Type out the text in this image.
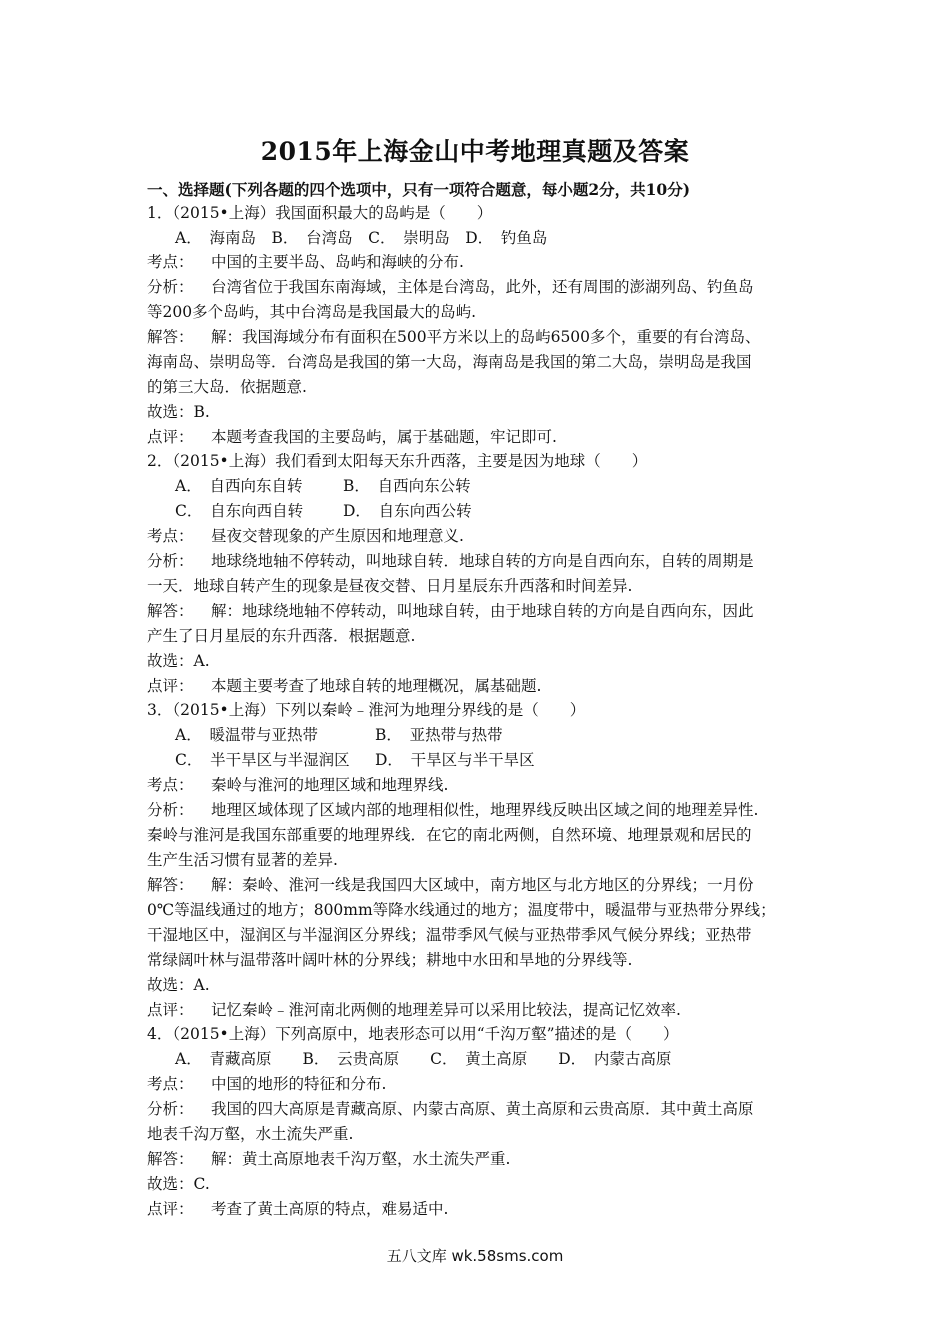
2015年上海金山中考地理真题及答案
一、选择题(下列各题的四个选项中，只有一项符合题意，每小题2分，共10分)
1．（2015•上海）我国面积最大的岛屿是（　　）
A．　海南岛　B．　台湾岛　C．　崇明岛　D．　钓鱼岛
考点： 中国的主要半岛、岛屿和海峡的分布.
分析： 台湾省位于我国东南海域，主体是台湾岛，此外，还有周围的澎湖列岛、钓鱼岛
等200多个岛屿，其中台湾岛是我国最大的岛屿.
解答： 解：我国海域分布有面积在500平方米以上的岛屿6500多个，重要的有台湾岛、
海南岛、崇明岛等．台湾岛是我国的第一大岛，海南岛是我国的第二大岛，崇明岛是我国
的第三大岛．依据题意.
故选：B.
点评： 本题考查我国的主要岛屿，属于基础题，牢记即可.
2．（2015•上海）我们看到太阳每天东升西落，主要是因为地球（　　）
A．　自西向东自转	B．　自西向东公转
C．　自东向西自转	D．　自东向西公转
考点： 昼夜交替现象的产生原因和地理意义.
分析： 地球绕地轴不停转动，叫地球自转．地球自转的方向是自西向东，自转的周期是
一天．地球自转产生的现象是昼夜交替、日月星辰东升西落和时间差异.
解答： 解：地球绕地轴不停转动，叫地球自转，由于地球自转的方向是自西向东，因此
产生了日月星辰的东升西落．根据题意.
故选：A.
点评： 本题主要考查了地球自转的地理概况，属基础题.
3．（2015•上海）下列以秦岭﹣淮河为地理分界线的是（　　）
A．　暖温带与亚热带	B．　亚热带与热带
C．　半干旱区与半湿润区 D．　干旱区与半干旱区
考点： 秦岭与淮河的地理区域和地理界线.
分析： 地理区域体现了区域内部的地理相似性，地理界线反映出区域之间的地理差异性.
秦岭与淮河是我国东部重要的地理界线．在它的南北两侧，自然环境、地理景观和居民的
生产生活习惯有显著的差异.
解答： 解：秦岭、淮河一线是我国四大区域中，南方地区与北方地区的分界线；一月份
0℃等温线通过的地方；800mm等降水线通过的地方；温度带中，暖温带与亚热带分界线；
干湿地区中，湿润区与半湿润区分界线；温带季风气候与亚热带季风气候分界线；亚热带
常绿阔叶林与温带落叶阔叶林的分界线；耕地中水田和旱地的分界线等.
故选：A.
点评： 记忆秦岭﹣淮河南北两侧的地理差异可以采用比较法，提高记忆效率.
4．（2015•上海）下列高原中，地表形态可以用“千沟万壑”描述的是（　　）
A．　青藏高原　　B．　云贵高原　　C．　黄土高原　　D．　内蒙古高原
考点： 中国的地形的特征和分布.
分析： 我国的四大高原是青藏高原、内蒙古高原、黄土高原和云贵高原．其中黄土高原
地表千沟万壑，水土流失严重.
解答： 解：黄土高原地表千沟万壑，水土流失严重.
故选：C.
点评： 考查了黄土高原的特点，难易适中.
五八文库 wk.58sms.com
